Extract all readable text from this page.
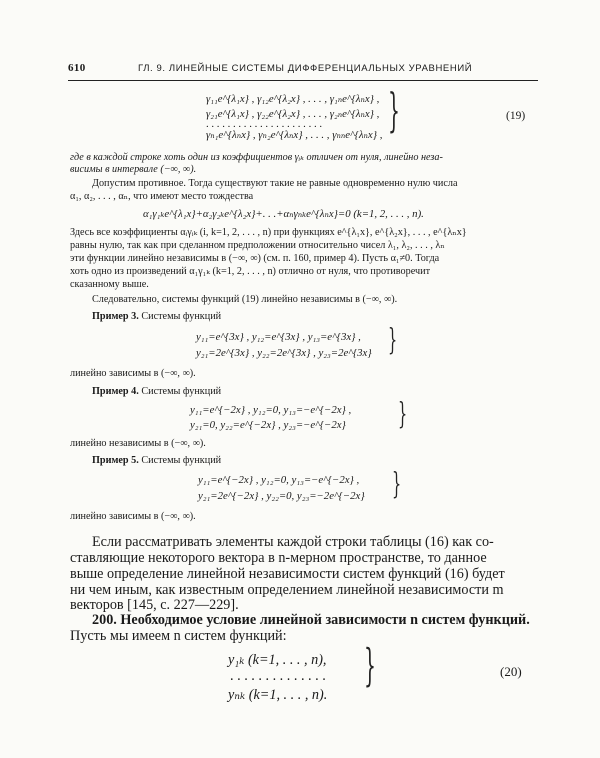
610	ГЛ. 9. ЛИНЕЙНЫЕ СИСТЕМЫ ДИФФЕРЕНЦИАЛЬНЫХ УРАВНЕНИЙ
γ₁₁e^{λ₁x} , γ₁₂e^{λ₂x} , . . . , γ₁ₙe^{λₙx} ,
γ₂₁e^{λ₁x} , γ₂₂e^{λ₂x} , . . . , γ₂ₙe^{λₙx} ,
. . . . . . . . . . . . . . . . . . . . . .
γₙ₁e^{λₙx} , γₙ₂e^{λₙx} , . . . , γₙₙe^{λₙx} , }	(19)
где в каждой строке хоть один из коэффициентов γᵢₖ отличен от нуля, линейно неза-
висимы в интервале (−∞, ∞).
Допустим противное. Тогда существуют такие не равные одновременно нулю числа
α₁, α₂, . . . , αₙ, что имеют место тождества
α₁γ₁ₖe^{λ₁x}+α₂γ₂ₖe^{λ₂x}+. . .+αₙγₙₖe^{λₙx}=0 (k=1, 2, . . . , n).
Здесь все коэффициенты αᵢγᵢₖ (i, k=1, 2, . . . , n) при функциях e^{λ₁x}, e^{λ₂x}, . . . , e^{λₙx}
равны нулю, так как при сделанном предположении относительно чисел λ₁, λ₂, . . . , λₙ
эти функции линейно независимы в (−∞, ∞) (см. п. 160, пример 4). Пусть α₁≠0. Тогда
хоть одно из произведений α₁γ₁ₖ (k=1, 2, . . . , n) отлично от нуля, что противоречит
сказанному выше.
Следовательно, системы функций (19) линейно независимы в (−∞, ∞).
Пример 3. Системы функций
y₁₁=e^{3x} , y₁₂=e^{3x} , y₁₃=e^{3x} ,
y₂₁=2e^{3x} , y₂₂=2e^{3x} , y₂₃=2e^{3x} }
линейно зависимы в (−∞, ∞).
Пример 4. Системы функций
y₁₁=e^{−2x} , y₁₂=0, y₁₃=−e^{−2x} ,
y₂₁=0, y₂₂=e^{−2x} , y₂₃=−e^{−2x} }
линейно независимы в (−∞, ∞).
Пример 5. Системы функций
y₁₁=e^{−2x} , y₁₂=0, y₁₃=−e^{−2x} ,
y₂₁=2e^{−2x} , y₂₂=0, y₂₃=−2e^{−2x} }
линейно зависимы в (−∞, ∞).
Если рассматривать элементы каждой строки таблицы (16) как со-
ставляющие некоторого вектора в n-мерном пространстве, то данное
выше определение линейной независимости систем функций (16) будет
ни чем иным, как известным определением линейной независимости m
векторов [145, с. 227—229].
200. Необходимое условие линейной зависимости n систем функций.
Пусть мы имеем n систем функций:
y₁ₖ (k=1, . . . , n),
. . . . . . . . . . . . . .
yₙₖ (k=1, . . . , n).
}	(20)
